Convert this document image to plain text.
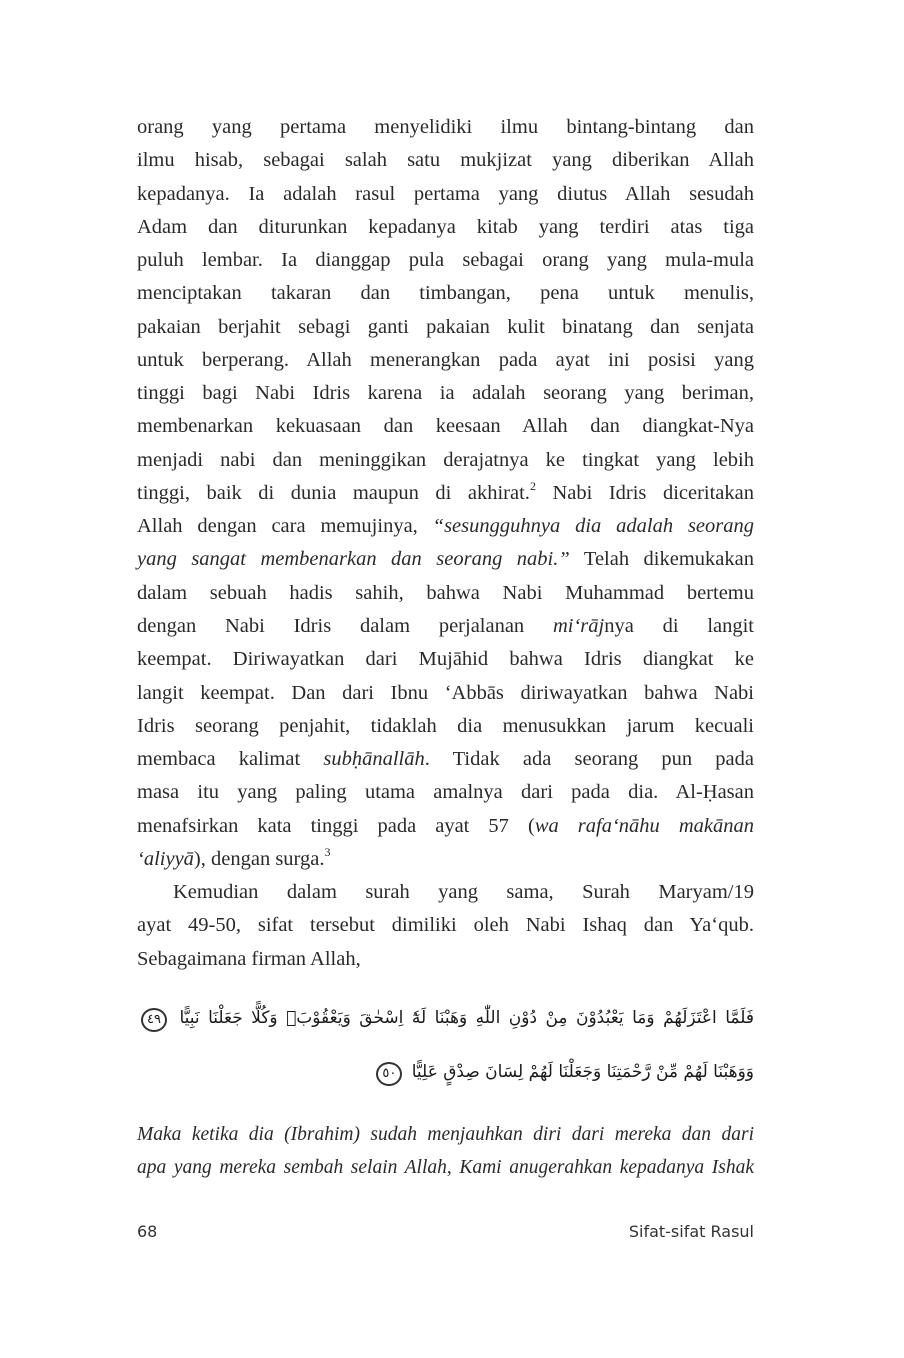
orang yang pertama menyelidiki ilmu bintang-bintang dan
ilmu hisab, sebagai salah satu mukjizat yang diberikan Allah
kepadanya. Ia adalah rasul pertama yang diutus Allah sesudah
Adam dan diturunkan kepadanya kitab yang terdiri atas tiga
puluh lembar. Ia dianggap pula sebagai orang yang mula-mula
menciptakan takaran dan timbangan, pena untuk menulis,
pakaian berjahit sebagi ganti pakaian kulit binatang dan senjata
untuk berperang. Allah menerangkan pada ayat ini posisi yang
tinggi bagi Nabi Idris karena ia adalah seorang yang beriman,
membenarkan kekuasaan dan keesaan Allah dan diangkat-Nya
menjadi nabi dan meninggikan derajatnya ke tingkat yang lebih
tinggi, baik di dunia maupun di akhirat.$^2$ Nabi Idris diceritakan
Allah dengan cara memujinya, “sesungguhnya dia adalah seorang
yang sangat membenarkan dan seorang nabi.” Telah dikemukakan
dalam sebuah hadis sahih, bahwa Nabi Muhammad bertemu
dengan Nabi Idris dalam perjalanan mi‘rājnya di langit
keempat. Diriwayatkan dari Mujāhid bahwa Idris diangkat ke
langit keempat. Dan dari Ibnu ‘Abbās diriwayatkan bahwa Nabi
Idris seorang penjahit, tidaklah dia menusukkan jarum kecuali
membaca kalimat subḥānallāh. Tidak ada seorang pun pada
masa itu yang paling utama amalnya dari pada dia. Al-Ḥasan
menafsirkan kata tinggi pada ayat 57 (wa rafa‘nāhu makānan
‘aliyyā), dengan surga.$^3$
Kemudian dalam surah yang sama, Surah Maryam/19
ayat 49-50, sifat tersebut dimiliki oleh Nabi Ishaq dan Ya‘qub.
Sebagaimana firman Allah,
فَلَمَّا اعْتَزَلَهُمْ وَمَا يَعْبُدُوْنَ مِنْ دُوْنِ اللّٰهِ وَهَبْنَا لَهٗٓ اِسْحٰقَ وَيَعْقُوْبَۗ وَكُلًّا جَعَلْنَا نَبِيًّا ٤٩
وَوَهَبْنَا لَهُمْ مِّنْ رَّحْمَتِنَا وَجَعَلْنَا لَهُمْ لِسَانَ صِدْقٍ عَلِيًّا ٥٠
Maka ketika dia (Ibrahim) sudah menjauhkan diri dari mereka dan dari
apa yang mereka sembah selain Allah, Kami anugerahkan kepadanya Ishak
68	Sifat-sifat Rasul
